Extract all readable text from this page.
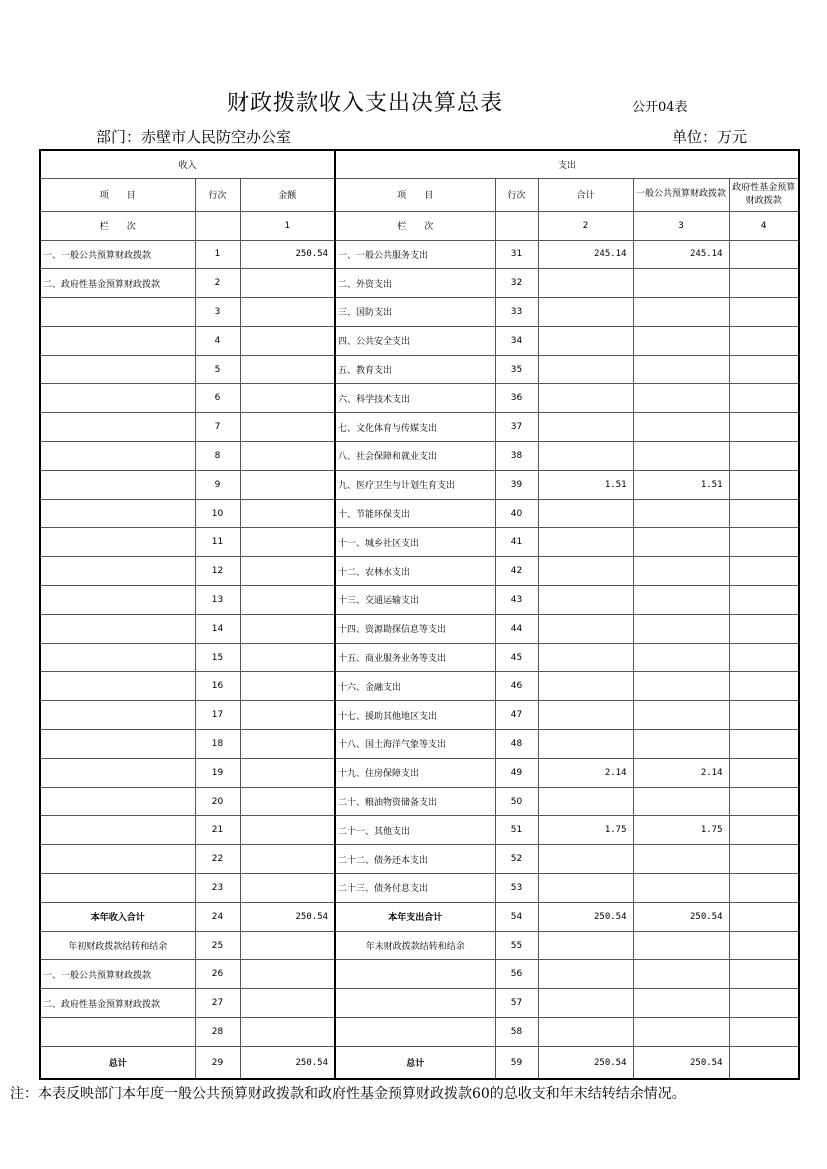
财政拨款收入支出决算总表	公开04表
部门：赤壁市人民防空办公室	单位：万元
收入			支出				
项　　目	行次	金额	项　　目	行次	合计	一般公共预算财政拨款	政府性基金预算财政拨款
栏　　次		1	栏　　次		2	3	4
一、一般公共预算财政拨款	1	250.54	一、一般公共服务支出	31	245.14	245.14	
二、政府性基金预算财政拨款	2		二、外资支出	32			
	3		三、国防支出	33			
	4		四、公共安全支出	34			
	5		五、教育支出	35			
	6		六、科学技术支出	36			
	7		七、文化体育与传媒支出	37			
	8		八、社会保障和就业支出	38			
	9		九、医疗卫生与计划生育支出	39	1.51	1.51	
	10		十、节能环保支出	40			
	11		十一、城乡社区支出	41			
	12		十二、农林水支出	42			
	13		十三、交通运输支出	43			
	14		十四、资源勘探信息等支出	44			
	15		十五、商业服务业务等支出	45			
	16		十六、金融支出	46			
	17		十七、援助其他地区支出	47			
	18		十八、国土海洋气象等支出	48			
	19		十九、住房保障支出	49	2.14	2.14	
	20		二十、粮油物资储备支出	50			
	21		二十一、其他支出	51	1.75	1.75	
	22		二十二、债务还本支出	52			
	23		二十三、债务付息支出	53			
本年收入合计	24	250.54	本年支出合计	54	250.54	250.54	
年初财政拨款结转和结余	25		年末财政拨款结转和结余	55			
一、一般公共预算财政拨款	26			56			
二、政府性基金预算财政拨款	27			57			
	28			58			
总计	29	250.54	总计	59	250.54	250.54	
注：本表反映部门本年度一般公共预算财政拨款和政府性基金预算财政拨款60的总收支和年末结转结余情况。
